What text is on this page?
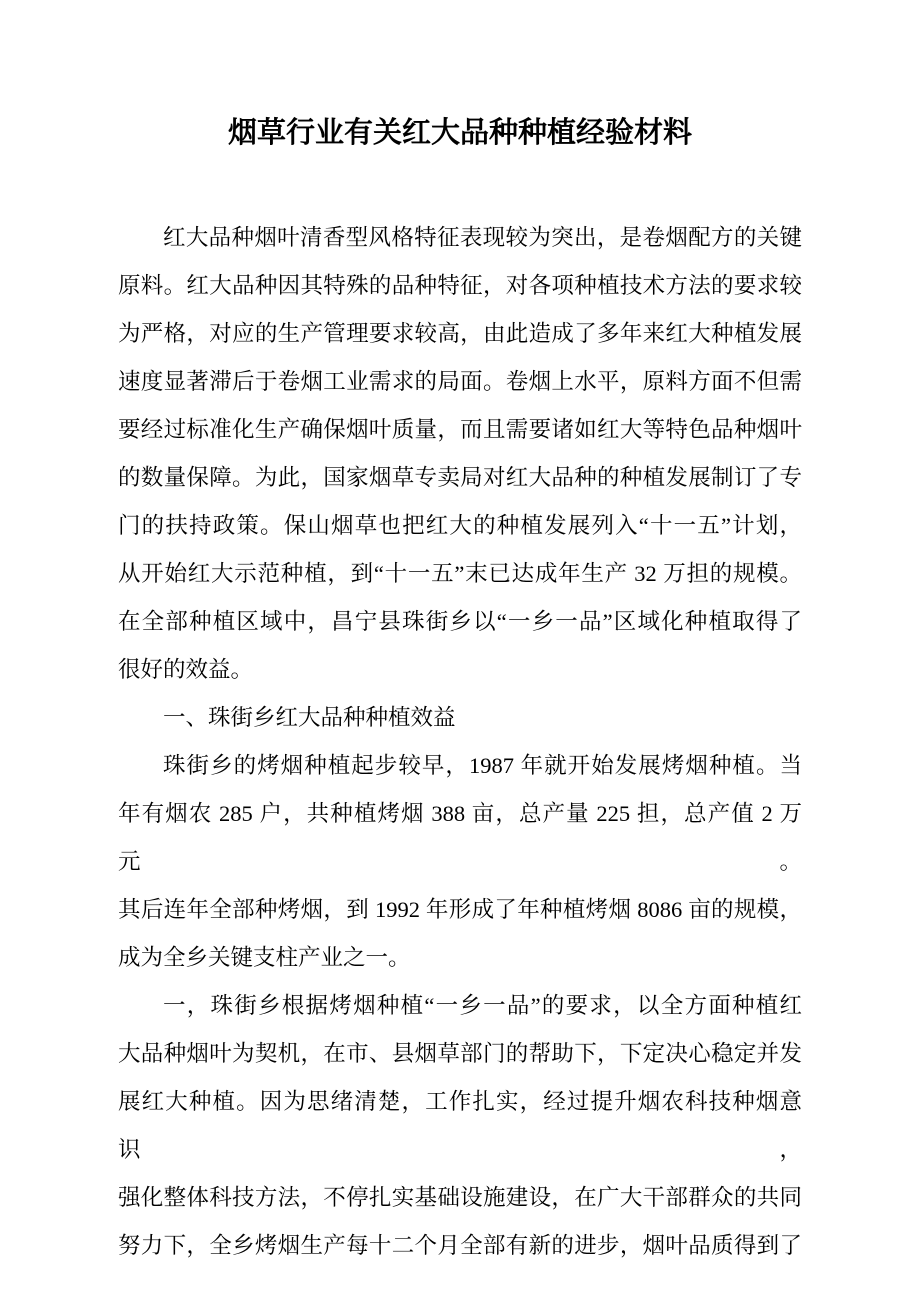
烟草行业有关红大品种种植经验材料
红大品种烟叶清香型风格特征表现较为突出，是卷烟配方的关键
原料。红大品种因其特殊的品种特征，对各项种植技术方法的要求较
为严格，对应的生产管理要求较高，由此造成了多年来红大种植发展
速度显著滞后于卷烟工业需求的局面。卷烟上水平，原料方面不但需
要经过标准化生产确保烟叶质量，而且需要诸如红大等特色品种烟叶
的数量保障。为此，国家烟草专卖局对红大品种的种植发展制订了专
门的扶持政策。保山烟草也把红大的种植发展列入“十一五”计划，
从开始红大示范种植，到“十一五”末已达成年生产 32 万担的规模。
在全部种植区域中，昌宁县珠街乡以“一乡一品”区域化种植取得了
很好的效益。
一、珠街乡红大品种种植效益
珠街乡的烤烟种植起步较早，1987 年就开始发展烤烟种植。当
年有烟农 285 户，共种植烤烟 388 亩，总产量 225 担，总产值 2 万元。
其后连年全部种烤烟，到 1992 年形成了年种植烤烟 8086 亩的规模，
成为全乡关键支柱产业之一。
一，珠街乡根据烤烟种植“一乡一品”的要求，以全方面种植红
大品种烟叶为契机，在市、县烟草部门的帮助下，下定决心稳定并发
展红大种植。因为思绪清楚，工作扎实，经过提升烟农科技种烟意识，
强化整体科技方法，不停扎实基础设施建设，在广大干部群众的共同
努力下，全乡烤烟生产每十二个月全部有新的进步，烟叶品质得到了
